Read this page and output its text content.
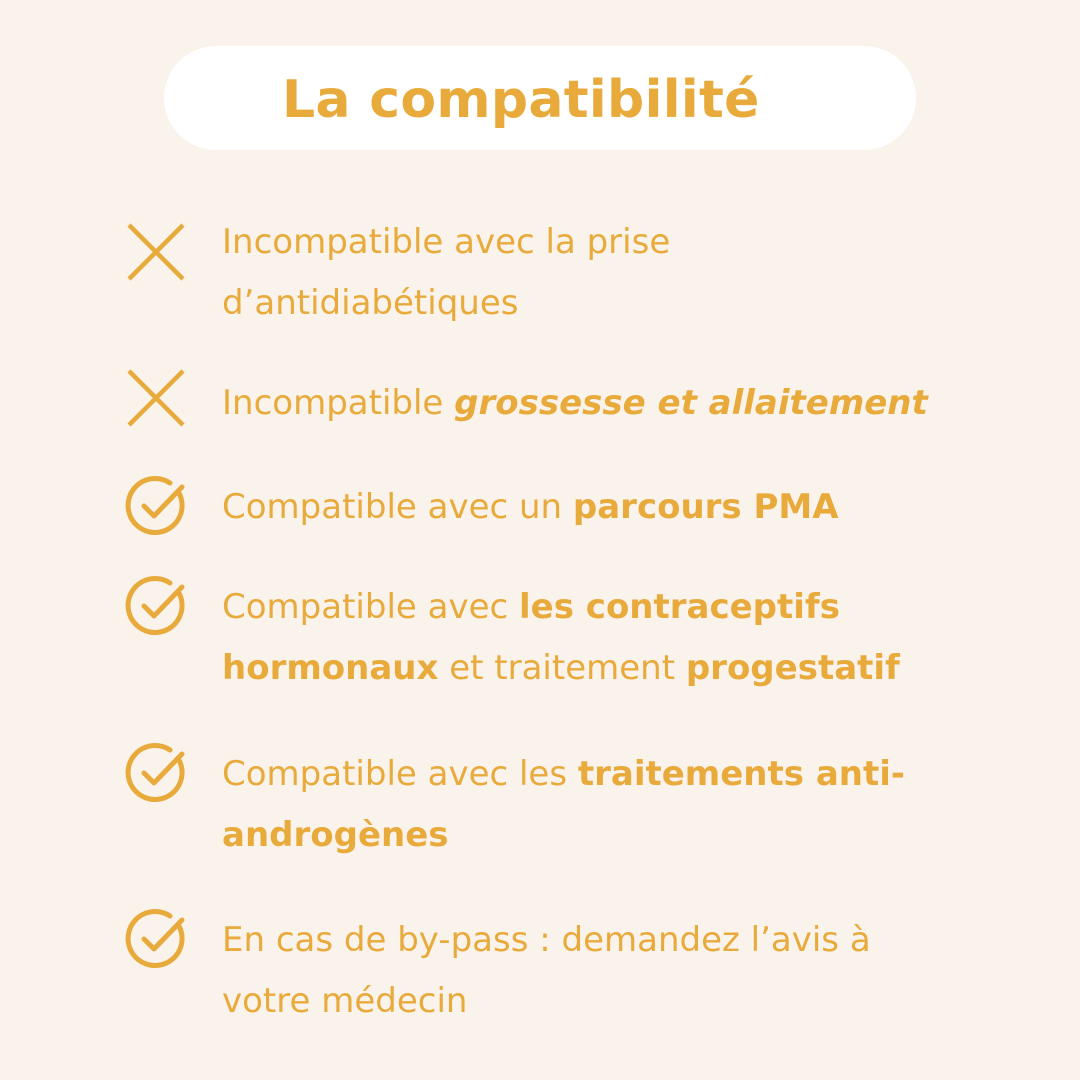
La compatibilité
Incompatible avec la prise
d’antidiabétiques
Incompatible grossesse et allaitement
Compatible avec un parcours PMA
Compatible avec les contraceptifs
hormonaux et traitement progestatif
Compatible avec les traitements anti-
androgènes
En cas de by-pass : demandez l’avis à
votre médecin
